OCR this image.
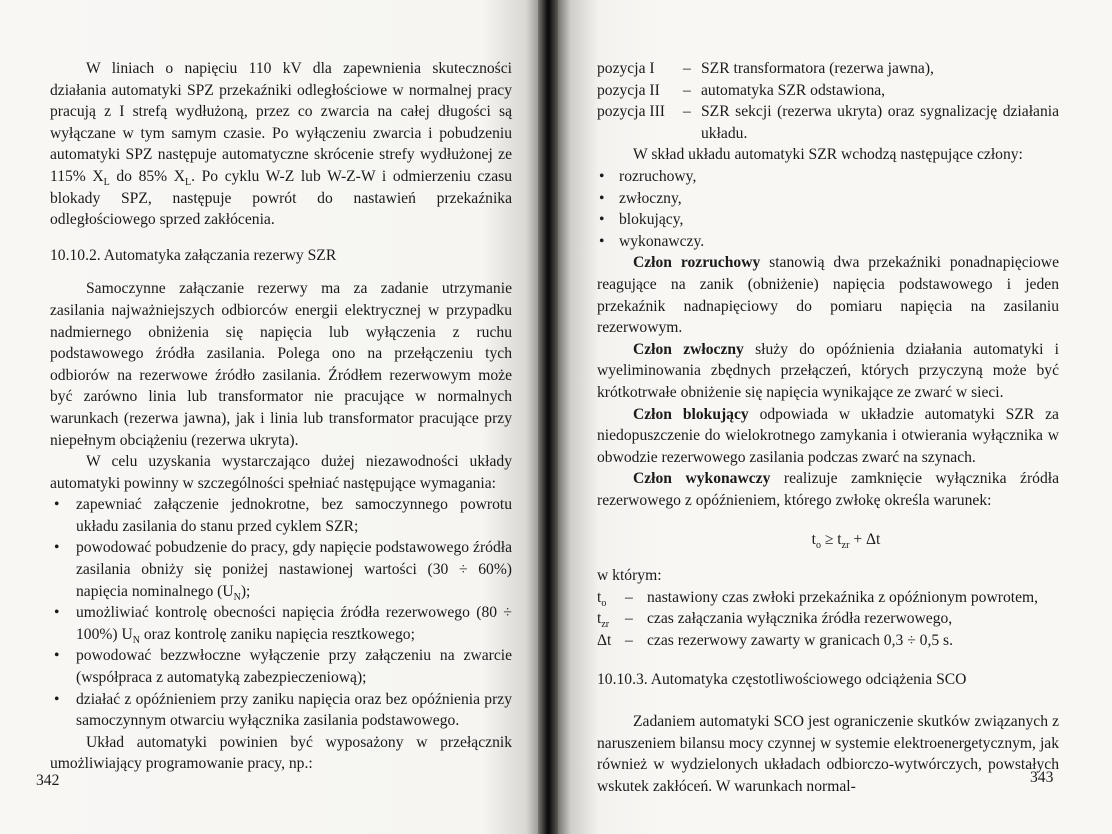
W liniach o napięciu 110 kV dla zapewnienia skuteczności działania automatyki SPZ przekaźniki odległościowe w normalnej pracy pracują z I strefą wydłużoną, przez co zwarcia na całej długości są wyłączane w tym samym czasie. Po wyłączeniu zwarcia i pobudzeniu automatyki SPZ następuje automatyczne skrócenie strefy wydłużonej ze 115% $X_L$ do 85% $X_L$. Po cyklu W-Z lub W-Z-W i odmierzeniu czasu blokady SPZ, następuje powrót do nastawień przekaźnika odległościowego sprzed zakłócenia.

10.10.2. Automatyka załączania rezerwy SZR

Samoczynne załączanie rezerwy ma za zadanie utrzymanie zasilania najważniejszych odbiorców energii elektrycznej w przypadku nadmiernego obniżenia się napięcia lub wyłączenia z ruchu podstawowego źródła zasilania. Polega ono na przełączeniu tych odbiorów na rezerwowe źródło zasilania. Źródłem rezerwowym może być zarówno linia lub transformator nie pracujące w normalnych warunkach (rezerwa jawna), jak i linia lub transformator pracujące przy niepełnym obciążeniu (rezerwa ukryta).

W celu uzyskania wystarczająco dużej niezawodności układy automatyki powinny w szczególności spełniać następujące wymagania:

• zapewniać załączenie jednokrotne, bez samoczynnego powrotu układu zasilania do stanu przed cyklem SZR;
• powodować pobudzenie do pracy, gdy napięcie podstawowego źródła zasilania obniży się poniżej nastawionej wartości (30 ÷ 60%) napięcia nominalnego $(U_N)$;
• umożliwiać kontrolę obecności napięcia źródła rezerwowego (80 ÷ 100%) $U_N$ oraz kontrolę zaniku napięcia resztkowego;
• powodować bezzwłoczne wyłączenie przy załączeniu na zwarcie (współpraca z automatyką zabezpieczeniową);
• działać z opóźnieniem przy zaniku napięcia oraz bez opóźnienia przy samoczynnym otwarciu wyłącznika zasilania podstawowego.

Układ automatyki powinien być wyposażony w przełącznik umożliwiający programowanie pracy, np.:

342
pozycja I	– SZR transformatora (rezerwa jawna),
pozycja II	– automatyka SZR odstawiona,
pozycja III	– SZR sekcji (rezerwa ukryta) oraz sygnalizację działania układu.

W skład układu automatyki SZR wchodzą następujące człony:

• rozruchowy,
• zwłoczny,
• blokujący,
• wykonawczy.

Człon rozruchowy stanowią dwa przekaźniki ponadnapięciowe reagujące na zanik (obniżenie) napięcia podstawowego i jeden przekaźnik nadnapięciowy do pomiaru napięcia na zasilaniu rezerwowym.

Człon zwłoczny służy do opóźnienia działania automatyki i wyeliminowania zbędnych przełączeń, których przyczyną może być krótkotrwałe obniżenie się napięcia wynikające ze zwarć w sieci.

Człon blokujący odpowiada w układzie automatyki SZR za niedopuszczenie do wielokrotnego zamykania i otwierania wyłącznika w obwodzie rezerwowego zasilania podczas zwarć na szynach.

Człon wykonawczy realizuje zamknięcie wyłącznika źródła rezerwowego z opóźnieniem, którego zwłokę określa warunek:

$t_o \ge t_{zr} + \Delta t$

w którym:

$t_o$	– nastawiony czas zwłoki przekaźnika z opóźnionym powrotem,
$t_{zr}$	– czas załączania wyłącznika źródła rezerwowego,
Δt – czas rezerwowy zawarty w granicach 0,3 ÷ 0,5 s.

10.10.3. Automatyka częstotliwościowego odciążenia SCO

Zadaniem automatyki SCO jest ograniczenie skutków związanych z naruszeniem bilansu mocy czynnej w systemie elektroenergetycznym, jak również w wydzielonych układach odbiorczo-wytwórczych, powstałych wskutek zakłóceń. W warunkach normal-

343
